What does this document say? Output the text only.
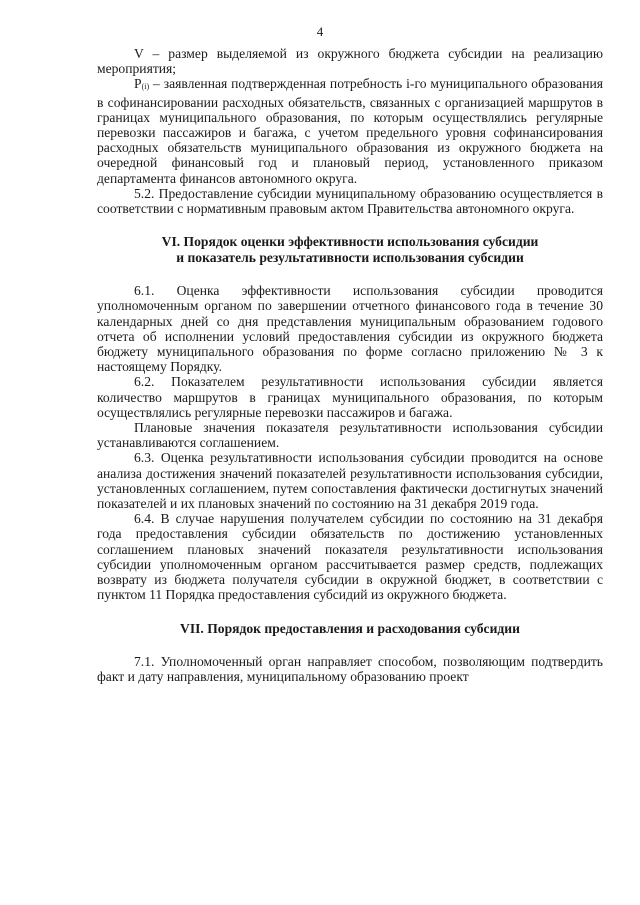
4

V – размер выделяемой из окружного бюджета субсидии на реализацию мероприятия;

$P_{(i)}$ – заявленная подтвержденная потребность i-го муниципального образования в софинансировании расходных обязательств, связанных с организацией маршрутов в границах муниципального образования, по которым осуществлялись регулярные перевозки пассажиров и багажа, с учетом предельного уровня софинансирования расходных обязательств муниципального образования из окружного бюджета на очередной финансовый год и плановый период, установленного приказом департамента финансов автономного округа.

5.2. Предоставление субсидии муниципальному образованию осуществляется в соответствии с нормативным правовым актом Правительства автономного округа.

VI. Порядок оценки эффективности использования субсидии
и показатель результативности использования субсидии

6.1. Оценка эффективности использования субсидии проводится уполномоченным органом по завершении отчетного финансового года в течение 30 календарных дней со дня представления муниципальным образованием годового отчета об исполнении условий предоставления субсидии из окружного бюджета бюджету муниципального образования по форме согласно приложению № 3 к настоящему Порядку.

6.2. Показателем результативности использования субсидии является количество маршрутов в границах муниципального образования, по которым осуществлялись регулярные перевозки пассажиров и багажа.

Плановые значения показателя результативности использования субсидии устанавливаются соглашением.

6.3. Оценка результативности использования субсидии проводится на основе анализа достижения значений показателей результативности использования субсидии, установленных соглашением, путем сопоставления фактически достигнутых значений показателей и их плановых значений по состоянию на 31 декабря 2019 года.

6.4. В случае нарушения получателем субсидии по состоянию на 31 декабря года предоставления субсидии обязательств по достижению установленных соглашением плановых значений показателя результативности использования субсидии уполномоченным органом рассчитывается размер средств, подлежащих возврату из бюджета получателя субсидии в окружной бюджет, в соответствии с пунктом 11 Порядка предоставления субсидий из окружного бюджета.

VII. Порядок предоставления и расходования субсидии

7.1. Уполномоченный орган направляет способом, позволяющим подтвердить факт и дату направления, муниципальному образованию проект
